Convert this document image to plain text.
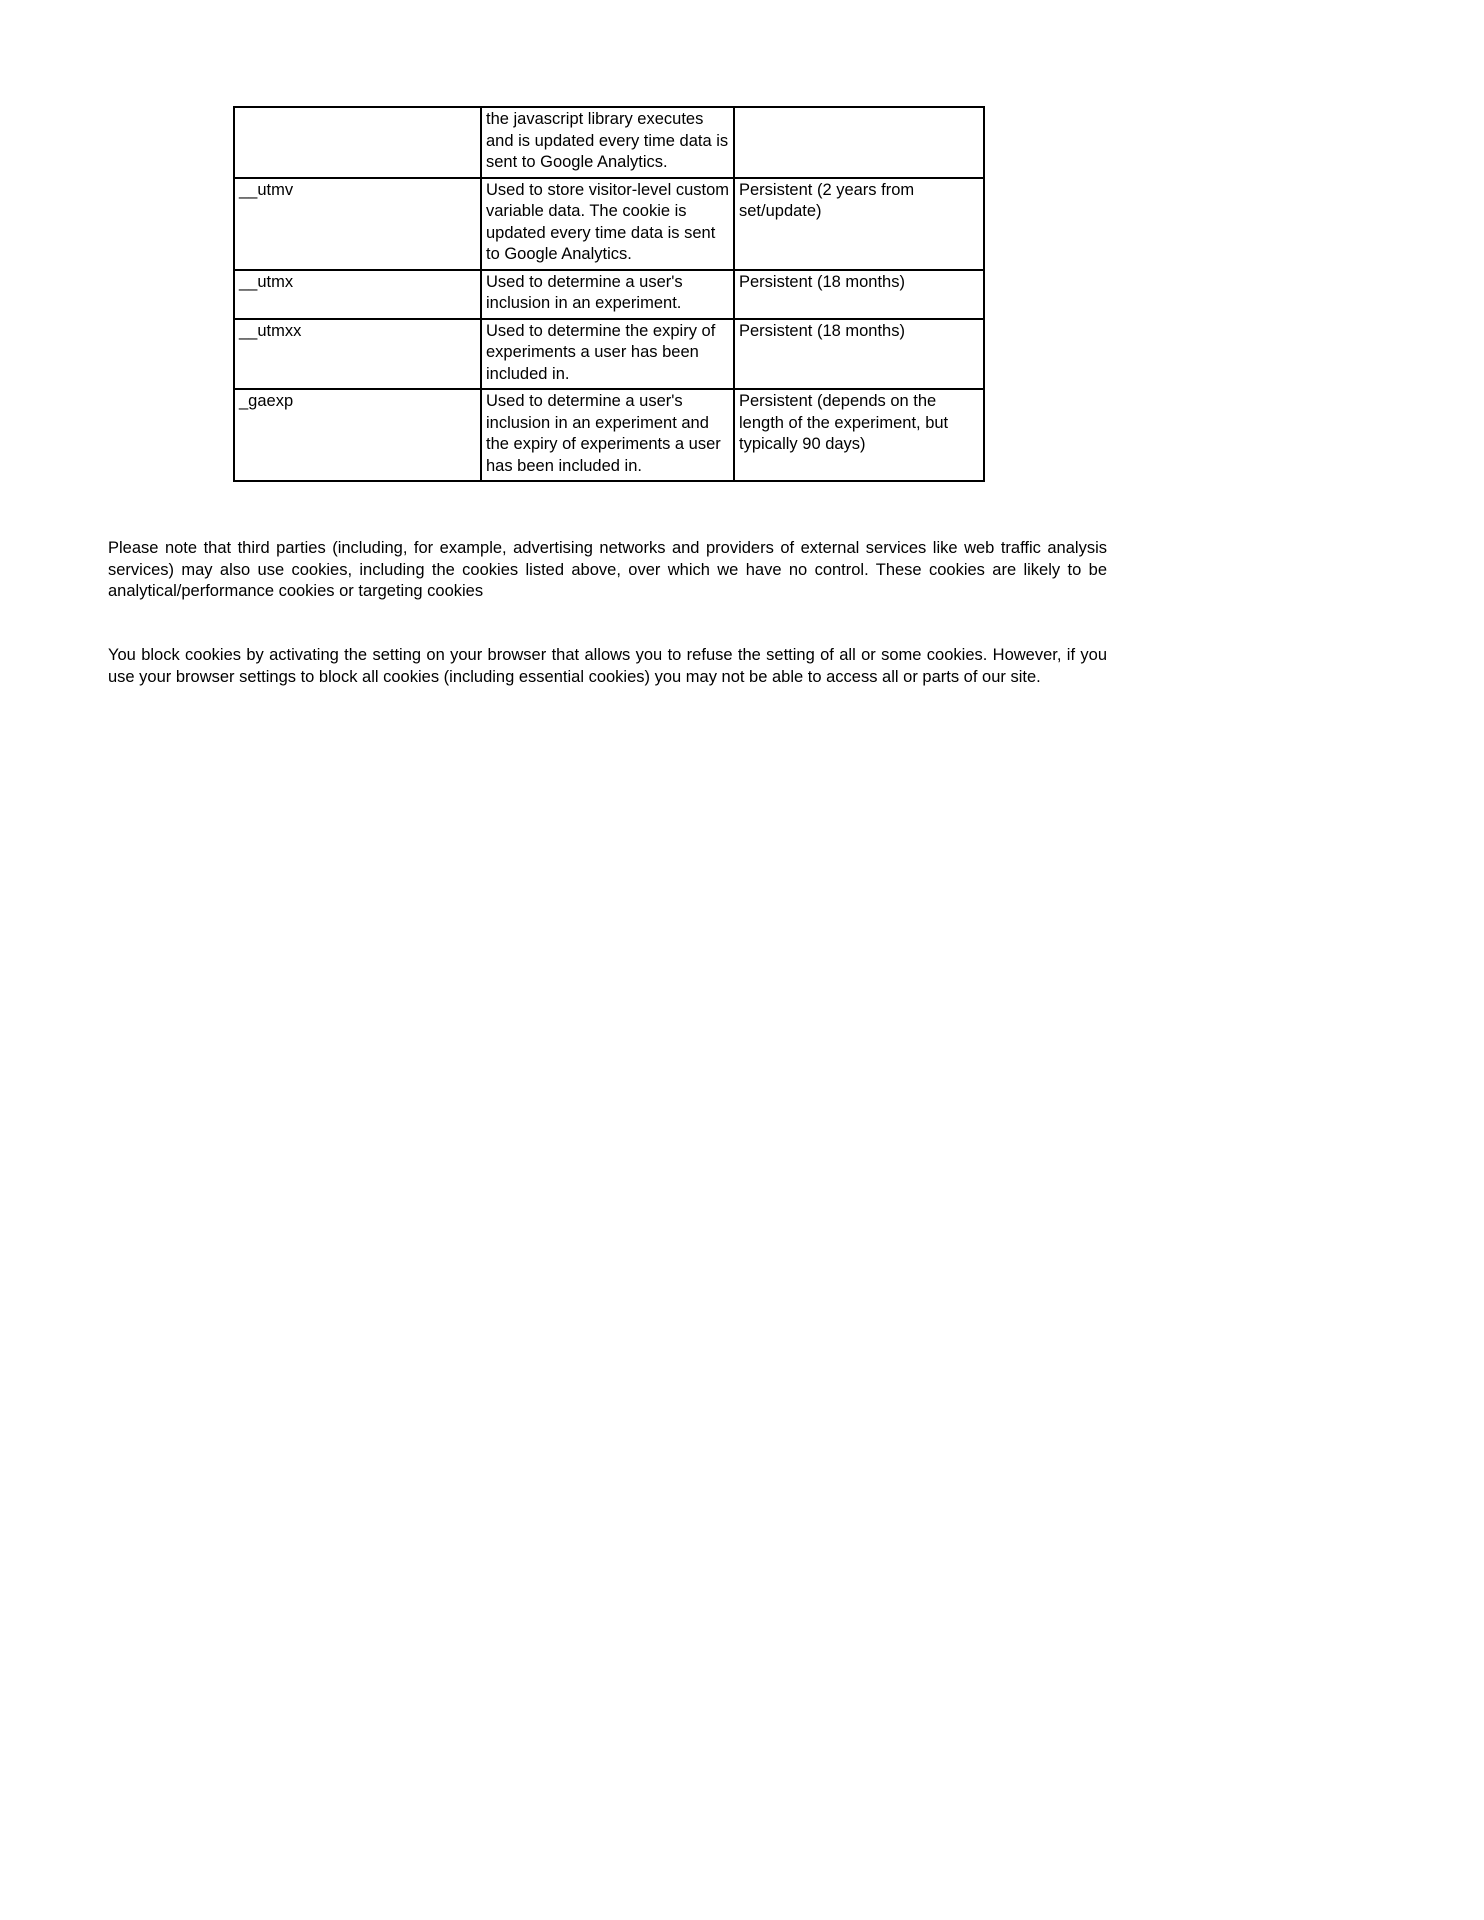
	the javascript library executes and is updated every time data is sent to Google Analytics.	
__utmv	Used to store visitor-level custom variable data. The cookie is updated every time data is sent to Google Analytics.	Persistent (2 years from set/update)
__utmx	Used to determine a user's inclusion in an experiment.	Persistent (18 months)
__utmxx	Used to determine the expiry of experiments a user has been included in.	Persistent (18 months)
_gaexp	Used to determine a user's inclusion in an experiment and the expiry of experiments a user has been included in.	Persistent (depends on the length of the experiment, but typically 90 days)

Please note that third parties (including, for example, advertising networks and providers of external services like web traffic analysis services) may also use cookies, including the cookies listed above, over which we have no control. These cookies are likely to be analytical/performance cookies or targeting cookies

You block cookies by activating the setting on your browser that allows you to refuse the setting of all or some cookies. However, if you use your browser settings to block all cookies (including essential cookies) you may not be able to access all or parts of our site.
